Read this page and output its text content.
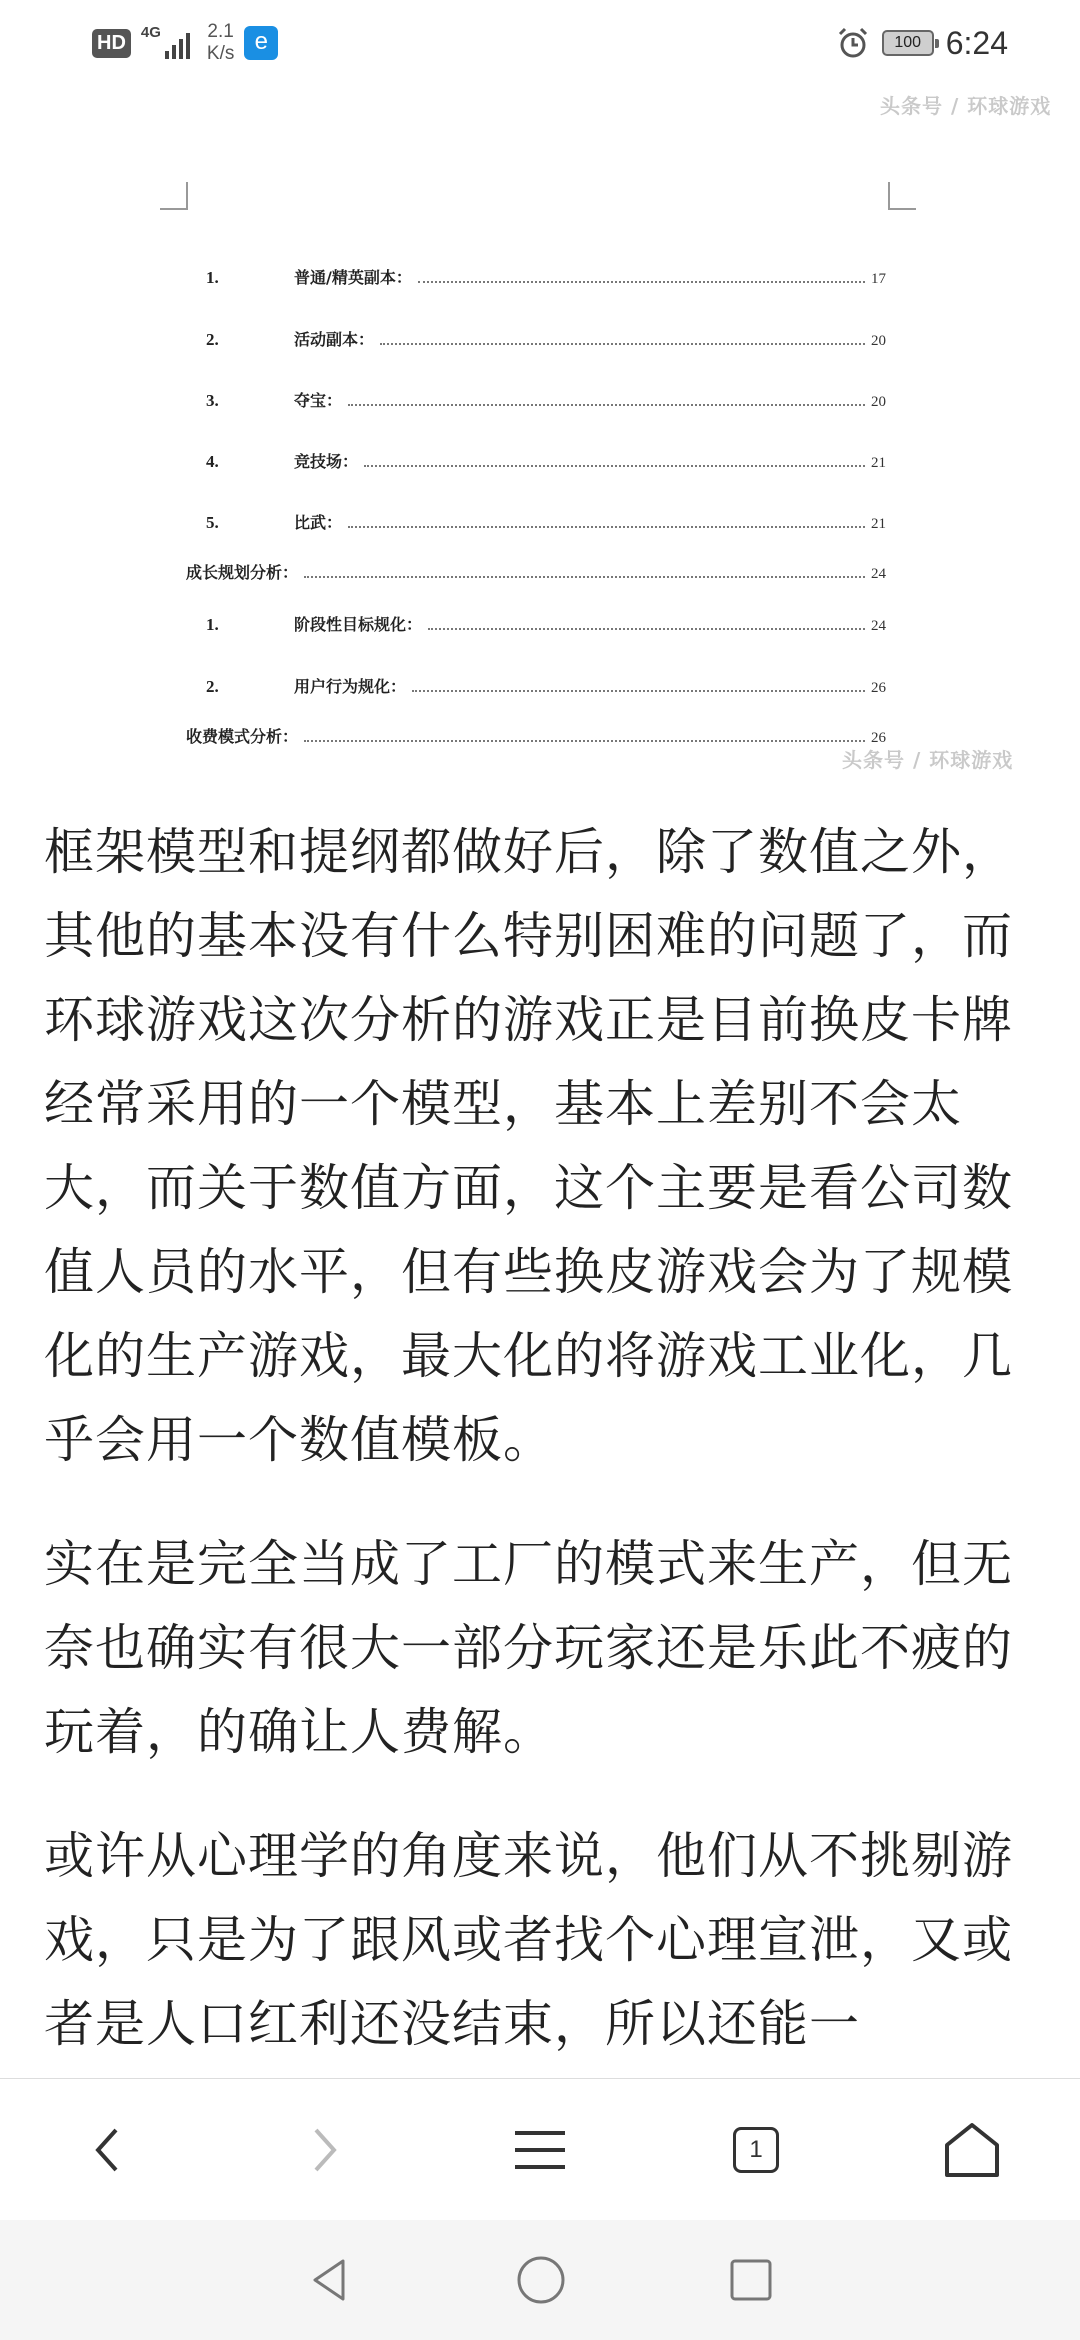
HD	4G 2.1
K/s e	100 6:24
头条号 / 环球游戏
1.	普通/精英副本：	17
2.	活动副本：	20
3.	夺宝：	20
4.	竞技场：	21
5.	比武：	21
成长规划分析：	24
1.	阶段性目标规化：	24
2.	用户行为规化：	26
收费模式分析：	26
头条号 / 环球游戏

框架模型和提纲都做好后，除了数值之外，其他的基本没有什么特别困难的问题了，而环球游戏这次分析的游戏正是目前换皮卡牌经常采用的一个模型，基本上差别不会太大，而关于数值方面，这个主要是看公司数值人员的水平，但有些换皮游戏会为了规模化的生产游戏，最大化的将游戏工业化，几乎会用一个数值模板。

实在是完全当成了工厂的模式来生产，但无奈也确实有很大一部分玩家还是乐此不疲的玩着，的确让人费解。

或许从心理学的角度来说，他们从不挑剔游戏，只是为了跟风或者找个心理宣泄，又或者是人口红利还没结束，所以还能一

1
